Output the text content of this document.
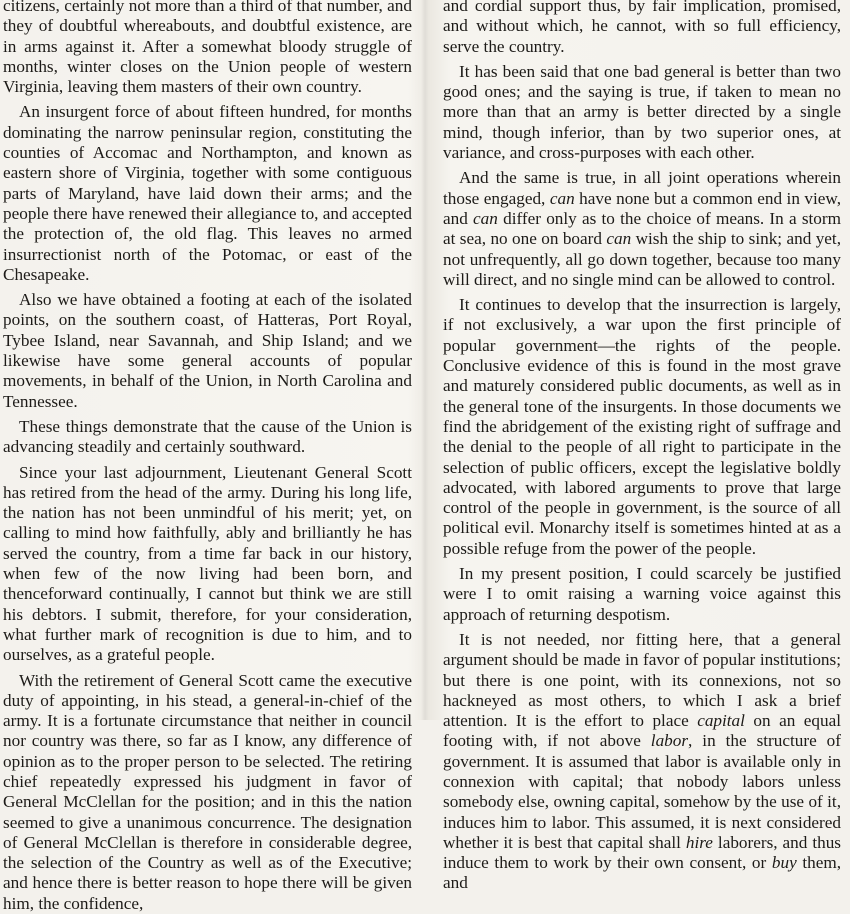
citizens, certainly not more than a third of that number, and they of doubtful whereabouts, and doubtful existence, are in arms against it. After a somewhat bloody struggle of months, winter closes on the Union people of western Virginia, leaving them masters of their own country.

An insurgent force of about fifteen hundred, for months dominating the narrow peninsular region, constituting the counties of Accomac and Northampton, and known as eastern shore of Virginia, together with some contiguous parts of Maryland, have laid down their arms; and the people there have renewed their allegiance to, and accepted the protection of, the old flag. This leaves no armed insurrectionist north of the Potomac, or east of the Chesapeake.

Also we have obtained a footing at each of the isolated points, on the southern coast, of Hatteras, Port Royal, Tybee Island, near Savannah, and Ship Island; and we likewise have some general accounts of popular movements, in behalf of the Union, in North Carolina and Tennessee.

These things demonstrate that the cause of the Union is advancing steadily and certainly southward.

Since your last adjournment, Lieutenant General Scott has retired from the head of the army. During his long life, the nation has not been unmindful of his merit; yet, on calling to mind how faithfully, ably and brilliantly he has served the country, from a time far back in our history, when few of the now living had been born, and thenceforward continually, I cannot but think we are still his debtors. I submit, therefore, for your consideration, what further mark of recognition is due to him, and to ourselves, as a grateful people.

With the retirement of General Scott came the executive duty of appointing, in his stead, a general-in-chief of the army. It is a fortunate circumstance that neither in council nor country was there, so far as I know, any difference of opinion as to the proper person to be selected. The retiring chief repeatedly expressed his judgment in favor of General McClellan for the position; and in this the nation seemed to give a unanimous concurrence. The designation of General McClellan is therefore in considerable degree, the selection of the Country as well as of the Executive; and hence there is better reason to hope there will be given him, the confidence,

and cordial support thus, by fair implication, promised, and without which, he cannot, with so full efficiency, serve the country.

It has been said that one bad general is better than two good ones; and the saying is true, if taken to mean no more than that an army is better directed by a single mind, though inferior, than by two superior ones, at variance, and cross-purposes with each other.

And the same is true, in all joint operations wherein those engaged, can have none but a common end in view, and can differ only as to the choice of means. In a storm at sea, no one on board can wish the ship to sink; and yet, not unfrequently, all go down together, because too many will direct, and no single mind can be allowed to control.

It continues to develop that the insurrection is largely, if not exclusively, a war upon the first principle of popular government—the rights of the people. Conclusive evidence of this is found in the most grave and maturely considered public documents, as well as in the general tone of the insurgents. In those documents we find the abridgement of the existing right of suffrage and the denial to the people of all right to participate in the selection of public officers, except the legislative boldly advocated, with labored arguments to prove that large control of the people in government, is the source of all political evil. Monarchy itself is sometimes hinted at as a possible refuge from the power of the people.

In my present position, I could scarcely be justified were I to omit raising a warning voice against this approach of returning despotism.

It is not needed, nor fitting here, that a general argument should be made in favor of popular institutions; but there is one point, with its connexions, not so hackneyed as most others, to which I ask a brief attention. It is the effort to place capital on an equal footing with, if not above labor, in the structure of government. It is assumed that labor is available only in connexion with capital; that nobody labors unless somebody else, owning capital, somehow by the use of it, induces him to labor. This assumed, it is next considered whether it is best that capital shall hire laborers, and thus induce them to work by their own consent, or buy them, and
